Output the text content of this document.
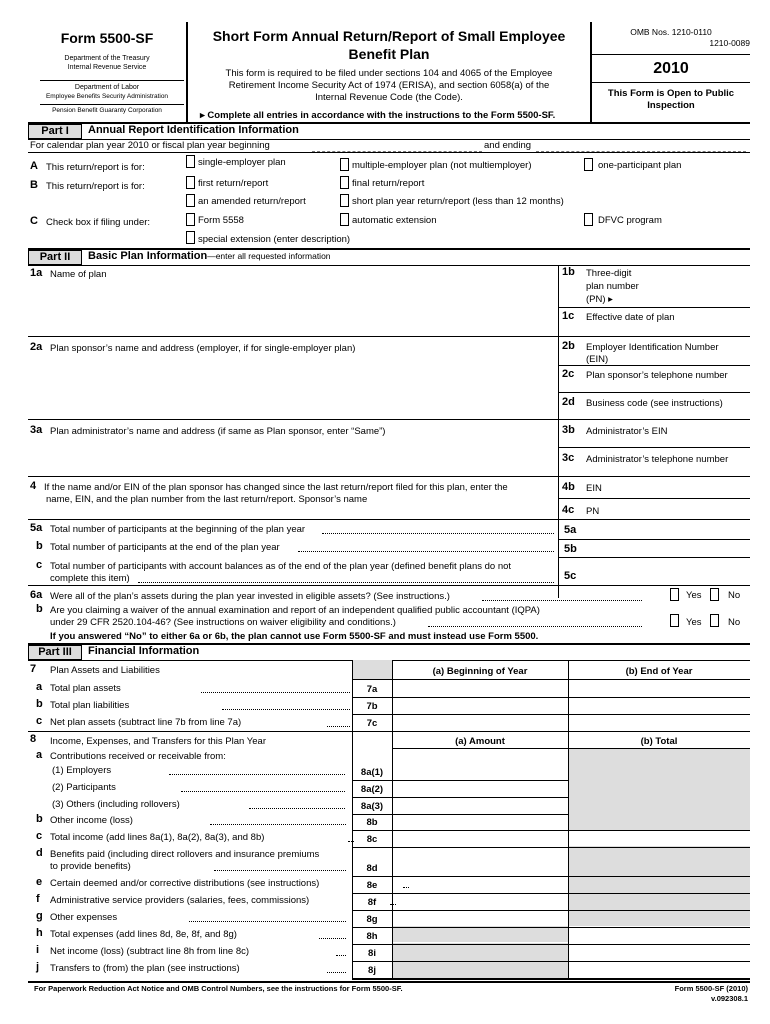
Form 5500-SF
Department of the Treasury
Internal Revenue Service
Department of Labor
Employee Benefits Security Administration
Pension Benefit Guaranty Corporation
Short Form Annual Return/Report of Small Employee
Benefit Plan
This form is required to be filed under sections 104 and 4065 of the Employee
Retirement Income Security Act of 1974 (ERISA), and section 6058(a) of the
Internal Revenue Code (the Code).
▸ Complete all entries in accordance with the instructions to the Form 5500-SF.
OMB Nos. 1210-0110
1210-0089
2010
This Form is Open to Public
Inspection
Part I	Annual Report Identification Information
For calendar plan year 2010 or fiscal plan year beginning	and ending
A This return/report is for:	single-employer plan	multiple-employer plan (not multiemployer)	one-participant plan
B This return/report is for:	first return/report	final return/report
an amended return/report	short plan year return/report (less than 12 months)
C Check box if filing under:	Form 5558	automatic extension	DFVC program
special extension (enter description)
Part II	Basic Plan Information—enter all requested information
1a Name of plan	1b Three-digit
plan number
(PN) ▸
1c Effective date of plan
2a Plan sponsor’s name and address (employer, if for single-employer plan)	2b Employer Identification Number
(EIN)
2c Plan sponsor’s telephone number
2d Business code (see instructions)
3a Plan administrator’s name and address (if same as Plan sponsor, enter “Same”)	3b Administrator’s EIN
3c Administrator’s telephone number
4 If the name and/or EIN of the plan sponsor has changed since the last return/report filed for this plan, enter the
name, EIN, and the plan number from the last return/report. Sponsor’s name
4b EIN
4c PN
5a Total number of participants at the beginning of the plan year	5a
b Total number of participants at the end of the plan year	5b
c Total number of participants with account balances as of the end of the plan year (defined benefit plans do not
complete this item)	5c
6a Were all of the plan’s assets during the plan year invested in eligible assets? (See instructions.)	Yes	No
b Are you claiming a waiver of the annual examination and report of an independent qualified public accountant (IQPA)
under 29 CFR 2520.104-46? (See instructions on waiver eligibility and conditions.)	Yes	No
If you answered “No” to either 6a or 6b, the plan cannot use Form 5500-SF and must instead use Form 5500.
Part III	Financial Information
7 Plan Assets and Liabilities	(a) Beginning of Year	(b) End of Year
a Total plan assets	7a
b Total plan liabilities	7b
c Net plan assets (subtract line 7b from line 7a)	7c
8 Income, Expenses, and Transfers for this Plan Year	(a) Amount	(b) Total
a Contributions received or receivable from:
(1) Employers	8a(1)
(2) Participants	8a(2)
(3) Others (including rollovers)	8a(3)
b Other income (loss)	8b
c Total income (add lines 8a(1), 8a(2), 8a(3), and 8b)	8c
d Benefits paid (including direct rollovers and insurance premiums
to provide benefits)	8d
e Certain deemed and/or corrective distributions (see instructions)	8e
f Administrative service providers (salaries, fees, commissions)	8f
g Other expenses	8g
h Total expenses (add lines 8d, 8e, 8f, and 8g)	8h
i Net income (loss) (subtract line 8h from line 8c)	8i
j Transfers to (from) the plan (see instructions)	8j
For Paperwork Reduction Act Notice and OMB Control Numbers, see the instructions for Form 5500-SF.	Form 5500-SF (2010)
v.092308.1
